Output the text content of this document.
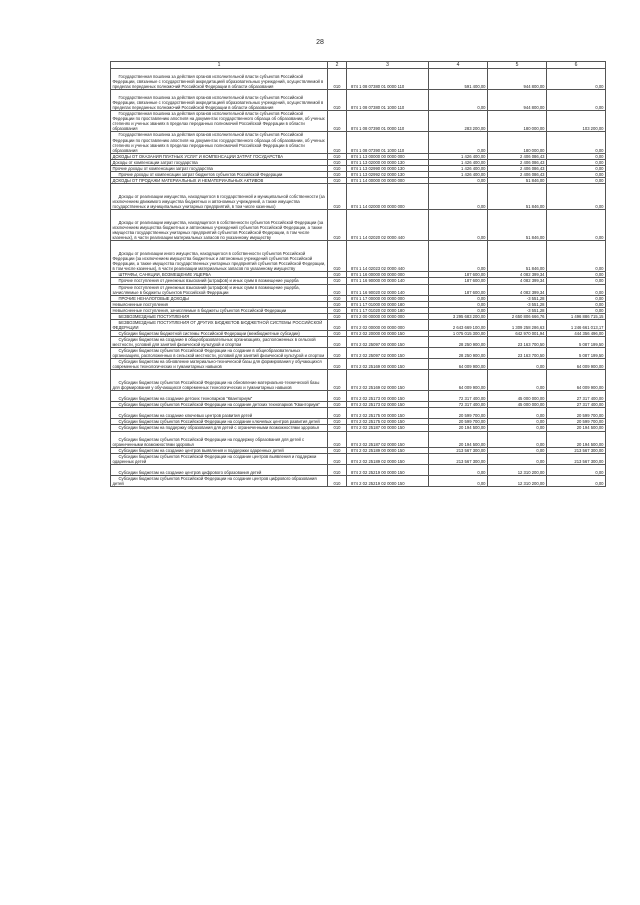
28
1	2	3	4	5	6
Государственная пошлина за действия органов исполнительной власти субъектов Российской Федерации, связанные с государственной аккредитацией образовательных учреждений, осуществляемой в пределах переданных полномочий Российской Федерации в области образования	010	874 1 08 07380 01 0000 110	591 400,00	944 800,00	0,00
Государственная пошлина за действия органов исполнительной власти субъектов Российской Федерации, связанные с государственной аккредитацией образовательных учреждений, осуществляемой в пределах переданных полномочий Российской Федерации в области образования	010	874 1 08 07380 01 1000 110	0,00	944 800,00	0,00
Государственная пошлина за действия органов исполнительной власти субъектов Российской Федерации по проставлению апостиля на документах государственного образца об образовании, об ученых степенях и ученых званиях в пределах переданных полномочий Российской Федерации в области образования	010	874 1 08 07390 01 0000 110	283 200,00	180 000,00	103 200,00
Государственная пошлина за действия органов исполнительной власти субъектов Российской Федерации по проставлению апостиля на документах государственного образца об образовании, об ученых степенях и ученых званиях в пределах переданных полномочий Российской Федерации в области образования	010	874 1 08 07390 01 1000 110	0,00	180 000,00	0,00
ДОХОДЫ ОТ ОКАЗАНИЯ ПЛАТНЫХ УСЛУГ И КОМПЕНСАЦИИ ЗАТРАТ ГОСУДАРСТВА	010	874 1 13 00000 00 0000 000	1 426 400,00	2 406 086,43	0,00
Доходы от компенсации затрат государства	010	874 1 13 02000 00 0000 130	1 426 400,00	2 406 086,43	0,00
Прочие доходы от компенсации затрат государства	010	874 1 13 02990 00 0000 130	1 426 400,00	2 406 086,43	0,00
Прочие доходы от компенсации затрат бюджетов субъектов Российской Федерации	010	874 1 13 02992 02 0000 130	1 426 400,00	2 406 086,43	0,00
ДОХОДЫ ОТ ПРОДАЖИ МАТЕРИАЛЬНЫХ И НЕМАТЕРИАЛЬНЫХ АКТИВОВ	010	874 1 14 00000 00 0000 000	0,00	51 846,00	0,00
Доходы от реализации имущества, находящегося в государственной и муниципальной собственности (за исключением движимого имущества бюджетных и автономных учреждений, а также имущества государственных и муниципальных унитарных предприятий, в том числе казенных)	010	874 1 14 02000 00 0000 000	0,00	51 846,00	0,00
Доходы от реализации имущества, находящегося в собственности субъектов Российской Федерации (за исключением имущества бюджетных и автономных учреждений субъектов Российской Федерации, а также имущества государственных унитарных предприятий субъектов Российской Федерации, в том числе казенных), в части реализации материальных запасов по указанному имуществу	010	874 1 14 02020 02 0000 440	0,00	51 846,00	0,00
Доходы от реализации иного имущества, находящегося в собственности субъектов Российской Федерации (за исключением имущества бюджетных и автономных учреждений субъектов Российской Федерации, а также имущества государственных унитарных предприятий субъектов Российской Федерации, в том числе казенных), в части реализации материальных запасов по указанному имуществу	010	874 1 14 02023 02 0000 440	0,00	51 846,00	0,00
ШТРАФЫ, САНКЦИИ, ВОЗМЕЩЕНИЕ УЩЕРБА	010	874 1 16 00000 00 0000 000	187 600,00	4 082 399,34	0,00
Прочие поступления от денежных взысканий (штрафов) и иных сумм в возмещение ущерба	010	874 1 16 90000 00 0000 140	187 600,00	4 082 399,34	0,00
Прочие поступления от денежных взысканий (штрафов) и иных сумм в возмещение ущерба, зачисляемые в бюджеты субъектов Российской Федерации	010	874 1 16 90020 02 0000 140	187 600,00	4 082 399,34	0,00
ПРОЧИЕ НЕНАЛОГОВЫЕ ДОХОДЫ	010	874 1 17 00000 00 0000 000	0,00	-3 551,28	0,00
Невыясненные поступления	010	874 1 17 01000 00 0000 180	0,00	-3 551,28	0,00
Невыясненные поступления, зачисляемые в бюджеты субъектов Российской Федерации	010	874 1 17 01020 02 0000 180	0,00	-3 551,28	0,00
БЕЗВОЗМЕЗДНЫЕ ПОСТУПЛЕНИЯ	010	874 2 00 00000 00 0000 000	3 295 683 200,00	2 650 806 666,76	1 496 886 715,15
БЕЗВОЗМЕЗДНЫЕ ПОСТУПЛЕНИЯ ОТ ДРУГИХ БЮДЖЕТОВ БЮДЖЕТНОЙ СИСТЕМЫ РОССИЙСКОЙ ФЕДЕРАЦИИ	010	874 2 02 00000 00 0000 000	2 643 669 100,00	1 309 258 286,63	1 246 661 013,17
Субсидии бюджетам бюджетной системы Российской Федерации (межбюджетные субсидии)	010	874 2 02 20000 00 0000 150	1 075 015 300,00	642 970 001,94	444 356 496,00
Субсидии бюджетам на создание в общеобразовательных организациях, расположенных в сельской местности, условий для занятий физической культурой и спортом	010	874 2 02 25097 00 0000 150	28 250 900,00	23 163 700,50	5 087 199,50
Субсидии бюджетам субъектов Российской Федерации на создание в общеобразовательных организациях, расположенных в сельской местности, условий для занятий физической культурой и спортом	010	874 2 02 25097 02 0000 150	28 250 900,00	23 163 700,50	5 087 199,50
Субсидии бюджетам на обновление материально-технической базы для формирования у обучающихся современных технологических и гуманитарных навыков	010	874 2 02 25169 00 0000 150	64 009 900,00	0,00	64 009 900,00
Субсидии бюджетам субъектов Российской Федерации на обновление материально-технической базы для формирования у обучающихся современных технологических и гуманитарных навыков	010	874 2 02 25169 02 0000 150	64 009 900,00	0,00	64 009 900,00
Субсидии бюджетам на создание детских технопарков "Кванториум"	010	874 2 02 25173 00 0000 150	72 317 400,00	45 000 000,00	27 317 400,00
Субсидии бюджетам субъектов Российской Федерации на создание детских технопарков "Кванториум"	010	874 2 02 25173 02 0000 150	72 317 400,00	45 000 000,00	27 317 400,00
Субсидии бюджетам на создание ключевых центров развития детей	010	874 2 02 25175 00 0000 150	20 599 700,00	0,00	20 599 700,00
Субсидии бюджетам субъектов Российской Федерации на создание ключевых центров развития детей	010	874 2 02 25175 02 0000 150	20 599 700,00	0,00	20 599 700,00
Субсидии бюджетам на поддержку образования для детей с ограниченными возможностями здоровья	010	874 2 02 25187 00 0000 150	20 194 500,00	0,00	20 194 500,00
Субсидии бюджетам субъектов Российской Федерации на поддержку образования для детей с ограниченными возможностями здоровья	010	874 2 02 25187 02 0000 150	20 194 500,00	0,00	20 194 500,00
Субсидии бюджетам на создание центров выявления и поддержки одаренных детей	010	874 2 02 25189 00 0000 150	213 567 300,00	0,00	213 567 300,00
Субсидии бюджетам субъектов Российской Федерации на создание центров выявления и поддержки одаренных детей	010	874 2 02 25189 02 0000 150	213 567 300,00	0,00	213 567 300,00
Субсидии бюджетам на создание центров цифрового образования детей	010	874 2 02 25219 00 0000 150	0,00	12 310 200,00	0,00
Субсидии бюджетам субъектов Российской Федерации на создание центров цифрового образования детей	010	874 2 02 25219 02 0000 150	0,00	12 310 200,00	0,00
